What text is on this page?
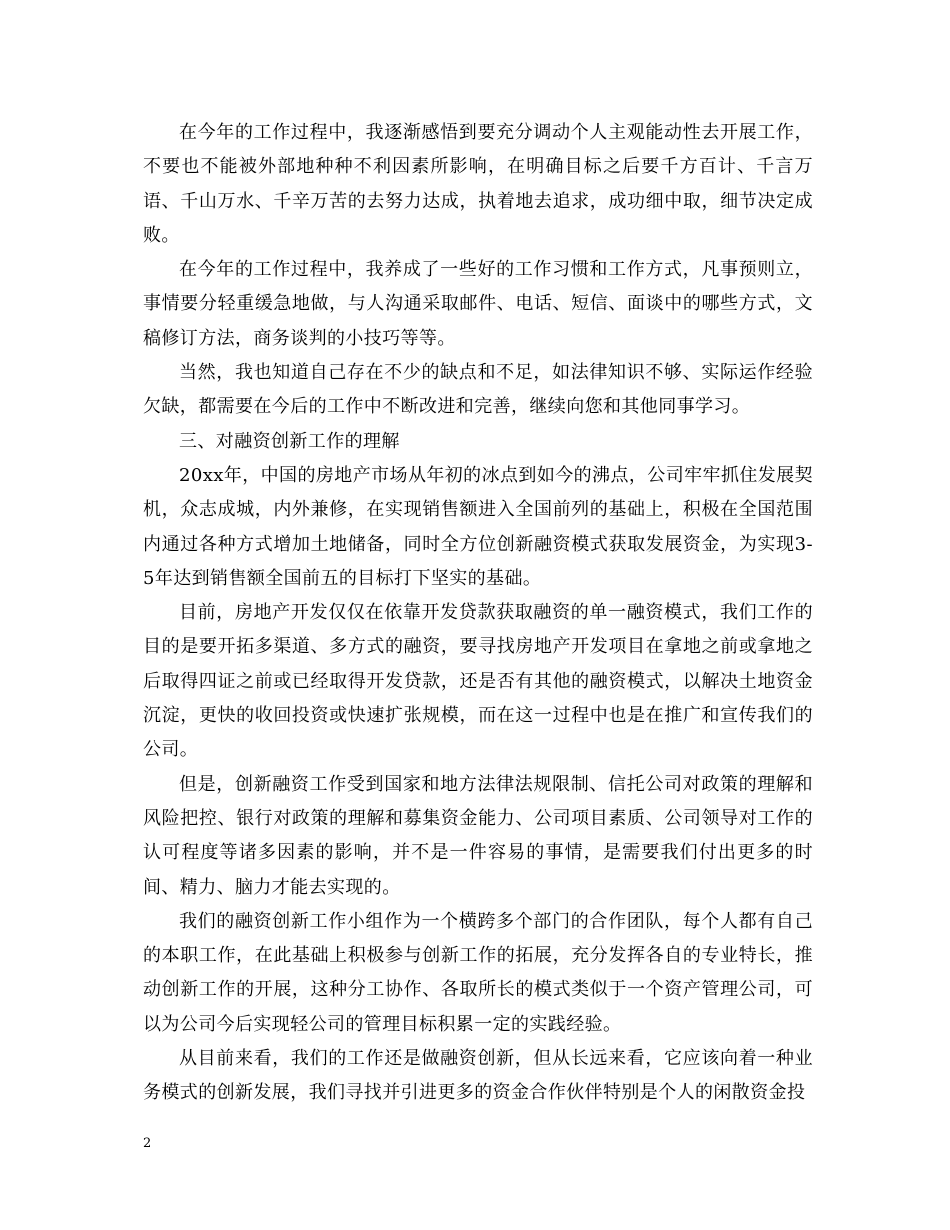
在今年的工作过程中，我逐渐感悟到要充分调动个人主观能动性去开展工作，不要也不能被外部地种种不利因素所影响，在明确目标之后要千方百计、千言万语、千山万水、千辛万苦的去努力达成，执着地去追求，成功细中取，细节决定成败。

在今年的工作过程中，我养成了一些好的工作习惯和工作方式，凡事预则立，事情要分轻重缓急地做，与人沟通采取邮件、电话、短信、面谈中的哪些方式，文稿修订方法，商务谈判的小技巧等等。

当然，我也知道自己存在不少的缺点和不足，如法律知识不够、实际运作经验欠缺，都需要在今后的工作中不断改进和完善，继续向您和其他同事学习。

三、对融资创新工作的理解

20xx年，中国的房地产市场从年初的冰点到如今的沸点，公司牢牢抓住发展契机，众志成城，内外兼修，在实现销售额进入全国前列的基础上，积极在全国范围内通过各种方式增加土地储备，同时全方位创新融资模式获取发展资金，为实现3-5年达到销售额全国前五的目标打下坚实的基础。

目前，房地产开发仅仅在依靠开发贷款获取融资的单一融资模式，我们工作的目的是要开拓多渠道、多方式的融资，要寻找房地产开发项目在拿地之前或拿地之后取得四证之前或已经取得开发贷款，还是否有其他的融资模式，以解决土地资金沉淀，更快的收回投资或快速扩张规模，而在这一过程中也是在推广和宣传我们的公司。

但是，创新融资工作受到国家和地方法律法规限制、信托公司对政策的理解和风险把控、银行对政策的理解和募集资金能力、公司项目素质、公司领导对工作的认可程度等诸多因素的影响，并不是一件容易的事情，是需要我们付出更多的时间、精力、脑力才能去实现的。

我们的融资创新工作小组作为一个横跨多个部门的合作团队，每个人都有自己的本职工作，在此基础上积极参与创新工作的拓展，充分发挥各自的专业特长，推动创新工作的开展，这种分工协作、各取所长的模式类似于一个资产管理公司，可以为公司今后实现轻公司的管理目标积累一定的实践经验。

从目前来看，我们的工作还是做融资创新，但从长远来看，它应该向着一种业务模式的创新发展，我们寻找并引进更多的资金合作伙伴特别是个人的闲散资金投

2
